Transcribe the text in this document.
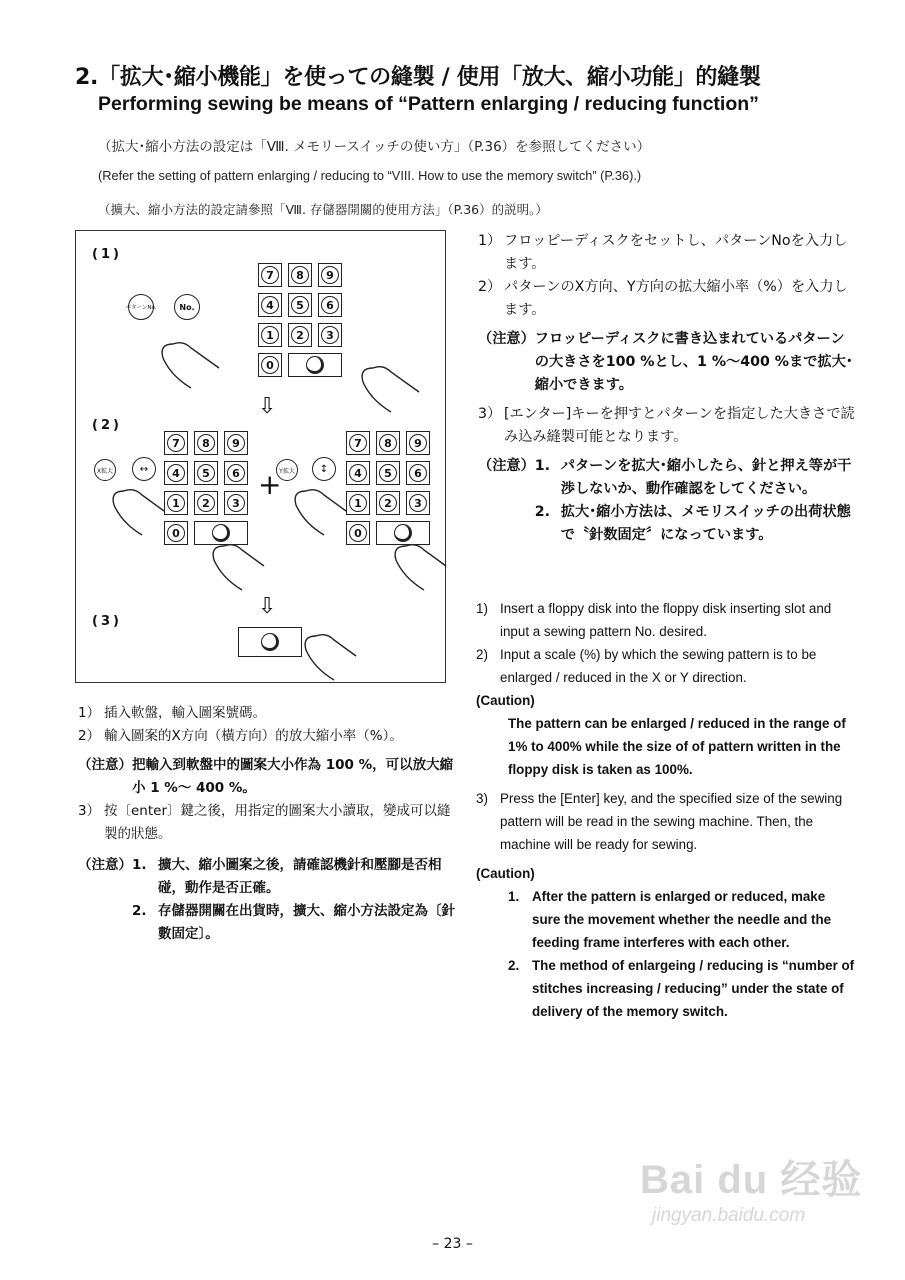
2.「拡大･縮小機能」を使っての縫製 / 使用「放大、縮小功能」的縫製
Performing sewing be means of “Pattern enlarging / reducing function”
（拡大･縮小方法の設定は「Ⅷ. メモリースイッチの使い方」（P.36）を参照してください）
(Refer the setting of pattern enlarging / reducing to “VIII. How to use the memory switch” (P.36).)
（擴大、縮小方法的設定請參照「Ⅷ. 存儲器開關的使用方法」（P.36）的説明。）
(1)
(2)
(3)
パターンNo.	No.
7	8	9
4	5	6
1	2	3
0
⇩
X拡大	↔
7	8	9
4	5	6
1	2	3
0
+
Y拡大	↕
7	8	9
4	5	6
1	2	3
0
⇩
1） フロッピーディスクをセットし、パターンNoを入力します。
2） パターンのX方向、Y方向の拡大縮小率（%）を入力します。
（注意） フロッピーディスクに書き込まれているパターンの大きさを100 %とし、1 %～400 %まで拡大･縮小できます。
3） [エンター]キーを押すとパターンを指定した大きさで読み込み縫製可能となります。
（注意） 1. パターンを拡大･縮小したら、針と押え等が干渉しないか、動作確認をしてください。
2. 拡大･縮小方法は、メモリスイッチの出荷状態で〝針数固定〞になっています。
1) Insert a floppy disk into the floppy disk inserting slot and input a sewing pattern No. desired.
2) Input a scale (%) by which the sewing pattern is to be enlarged / reduced in the X or Y direction.
(Caution)
The pattern can be enlarged / reduced in the range of 1% to 400% while the size of of pattern written in the floppy disk is taken as 100%.
3) Press the [Enter] key, and the specified size of the sewing pattern will be read in the sewing machine. Then, the machine will be ready for sewing.
(Caution)
1. After the pattern is enlarged or reduced, make sure the movement whether the needle and the feeding frame interferes with each other.
2. The method of enlargeing / reducing is “number of stitches increasing / reducing” under the state of delivery of the memory switch.
1） 插入軟盤，輸入圖案號碼。
2） 輸入圖案的X方向（橫方向）的放大縮小率（%）。
（注意） 把輸入到軟盤中的圖案大小作為 100 %，可以放大縮小 1 %～ 400 %。
3） 按〔enter〕鍵之後，用指定的圖案大小讀取，變成可以縫製的狀態。
（注意） 1. 擴大、縮小圖案之後，請確認機針和壓腳是否相碰，動作是否正確。
2. 存儲器開關在出貨時，擴大、縮小方法設定為〔針數固定〕。
Bai du 经验
jingyan.baidu.com
– 23 –
